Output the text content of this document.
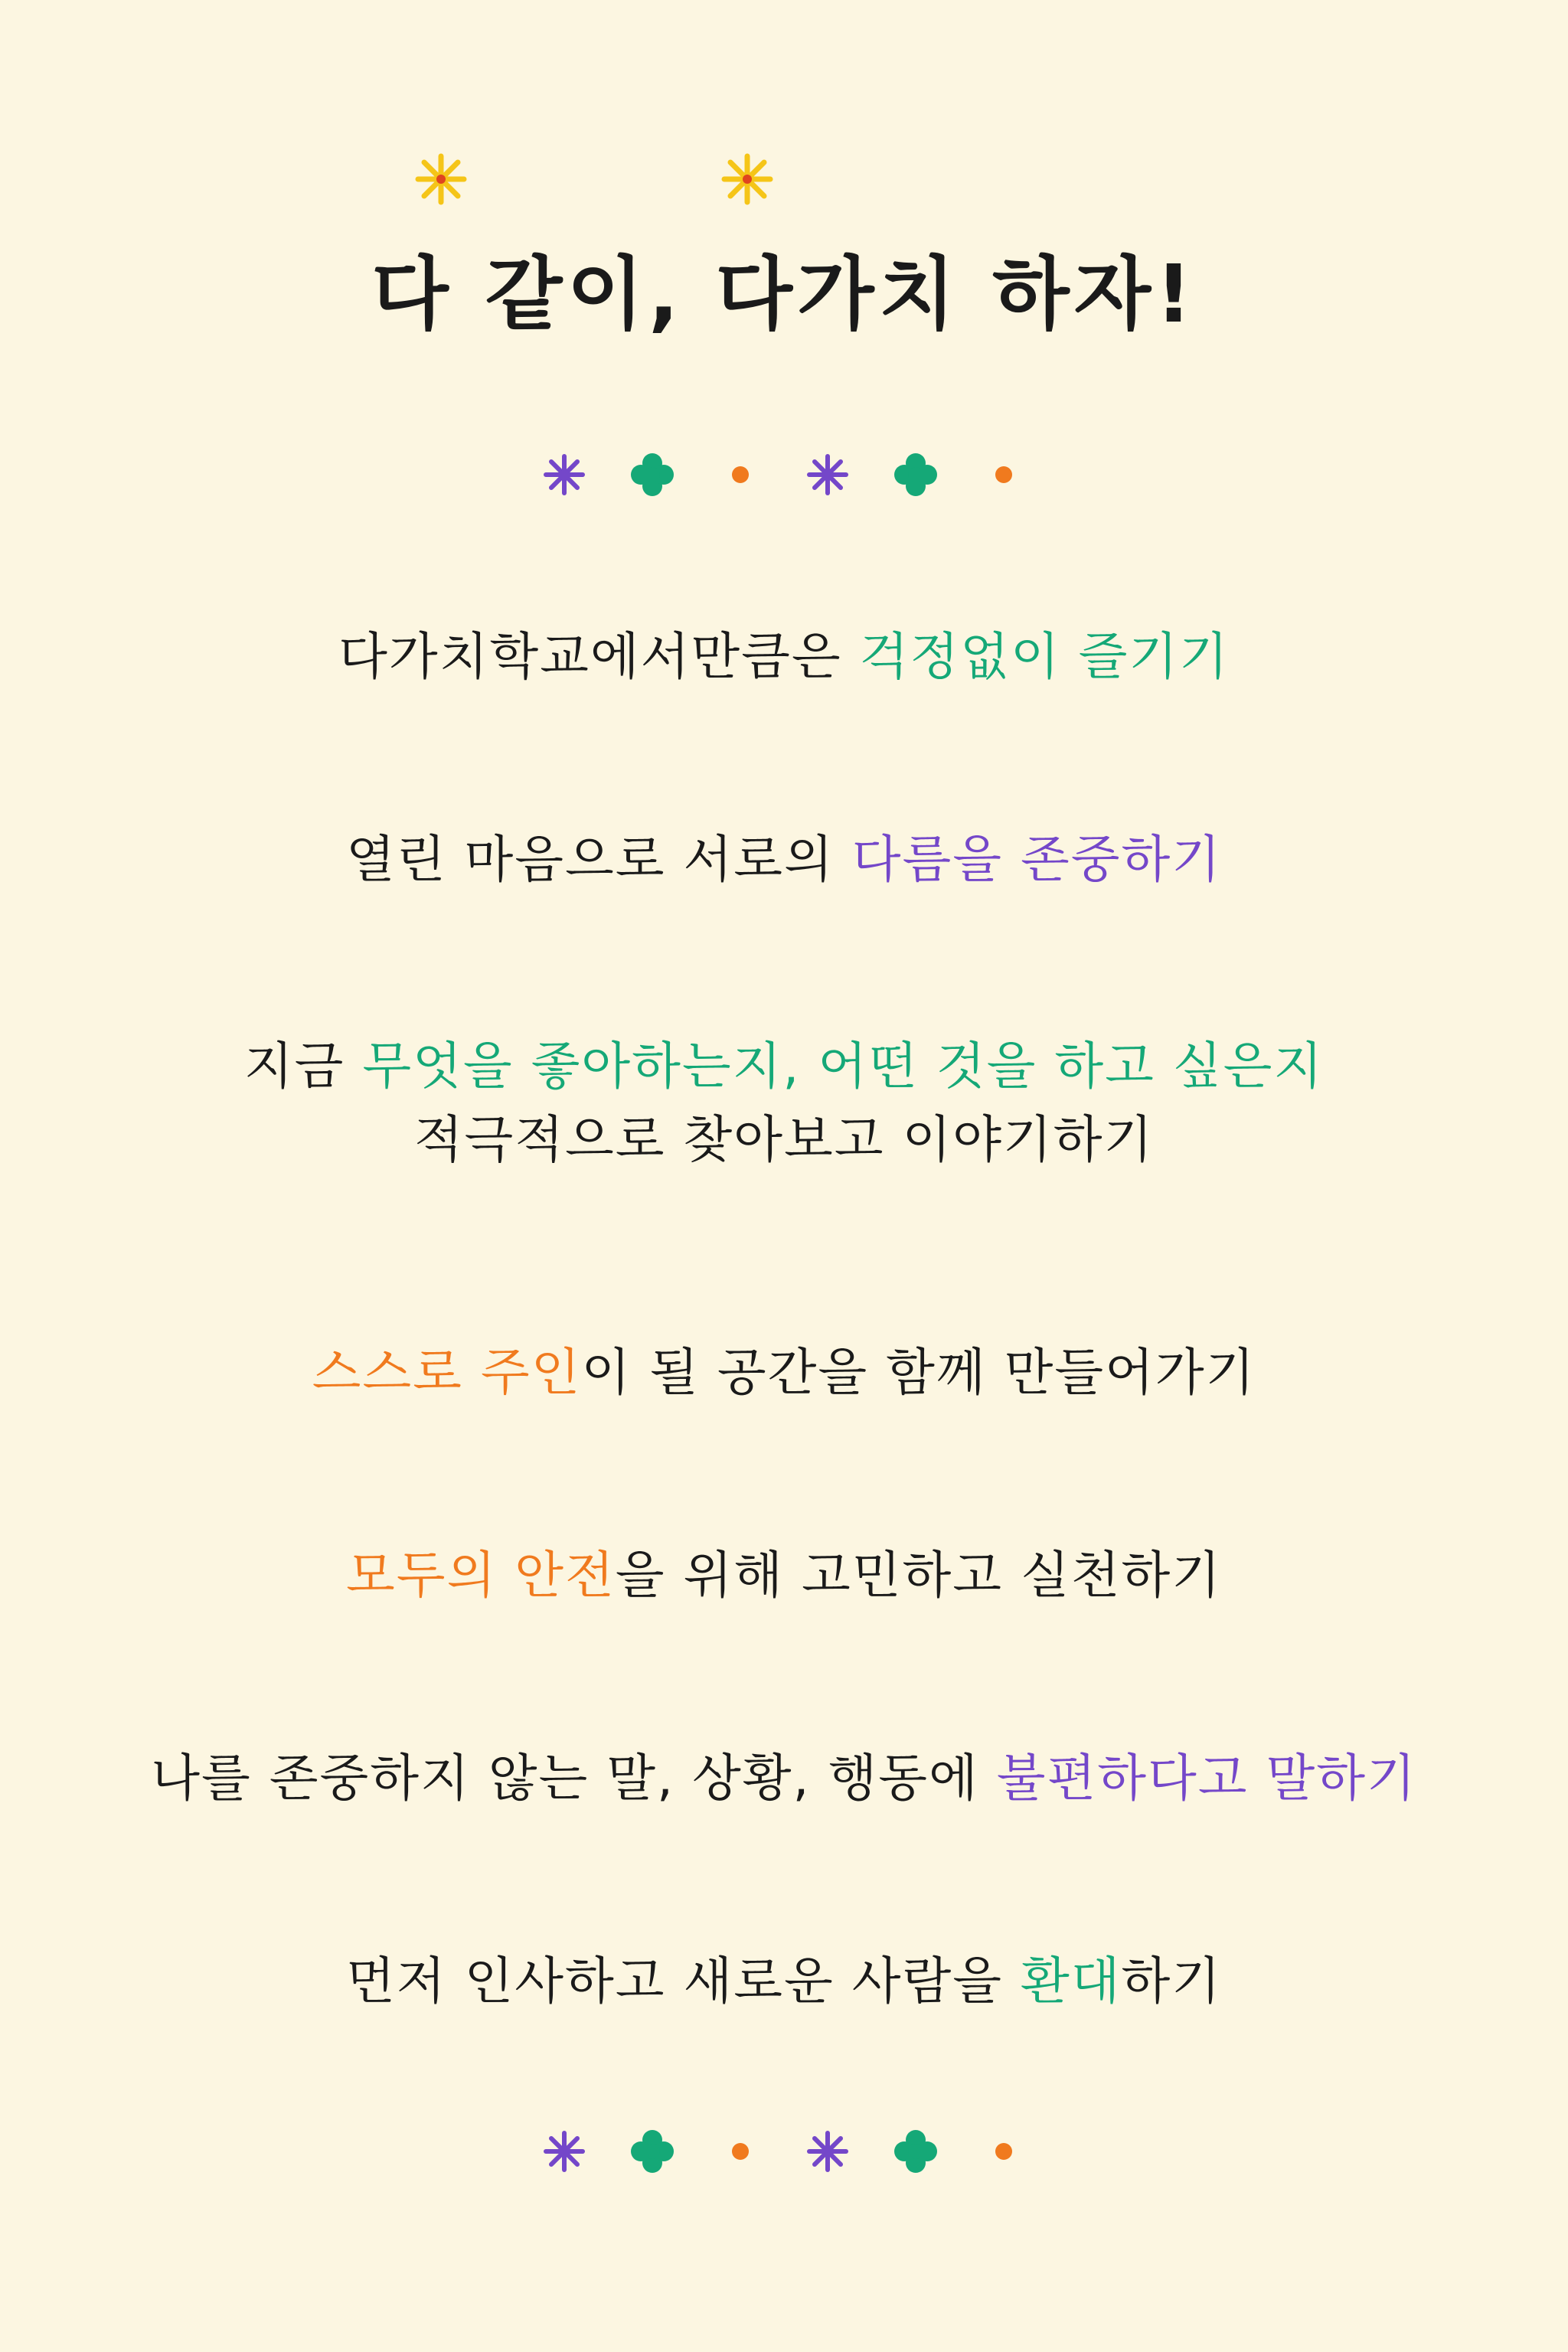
다 같이, 다가치 하자!
다가치학교에서만큼은 걱정없이 즐기기
열린 마음으로 서로의 다름을 존중하기
지금 무엇을 좋아하는지, 어떤 것을 하고 싶은지
적극적으로 찾아보고 이야기하기
스스로 주인이 될 공간을 함께 만들어가기
모두의 안전을 위해 고민하고 실천하기
나를 존중하지 않는 말, 상황, 행동에 불편하다고 말하기
먼저 인사하고 새로운 사람을 환대하기
